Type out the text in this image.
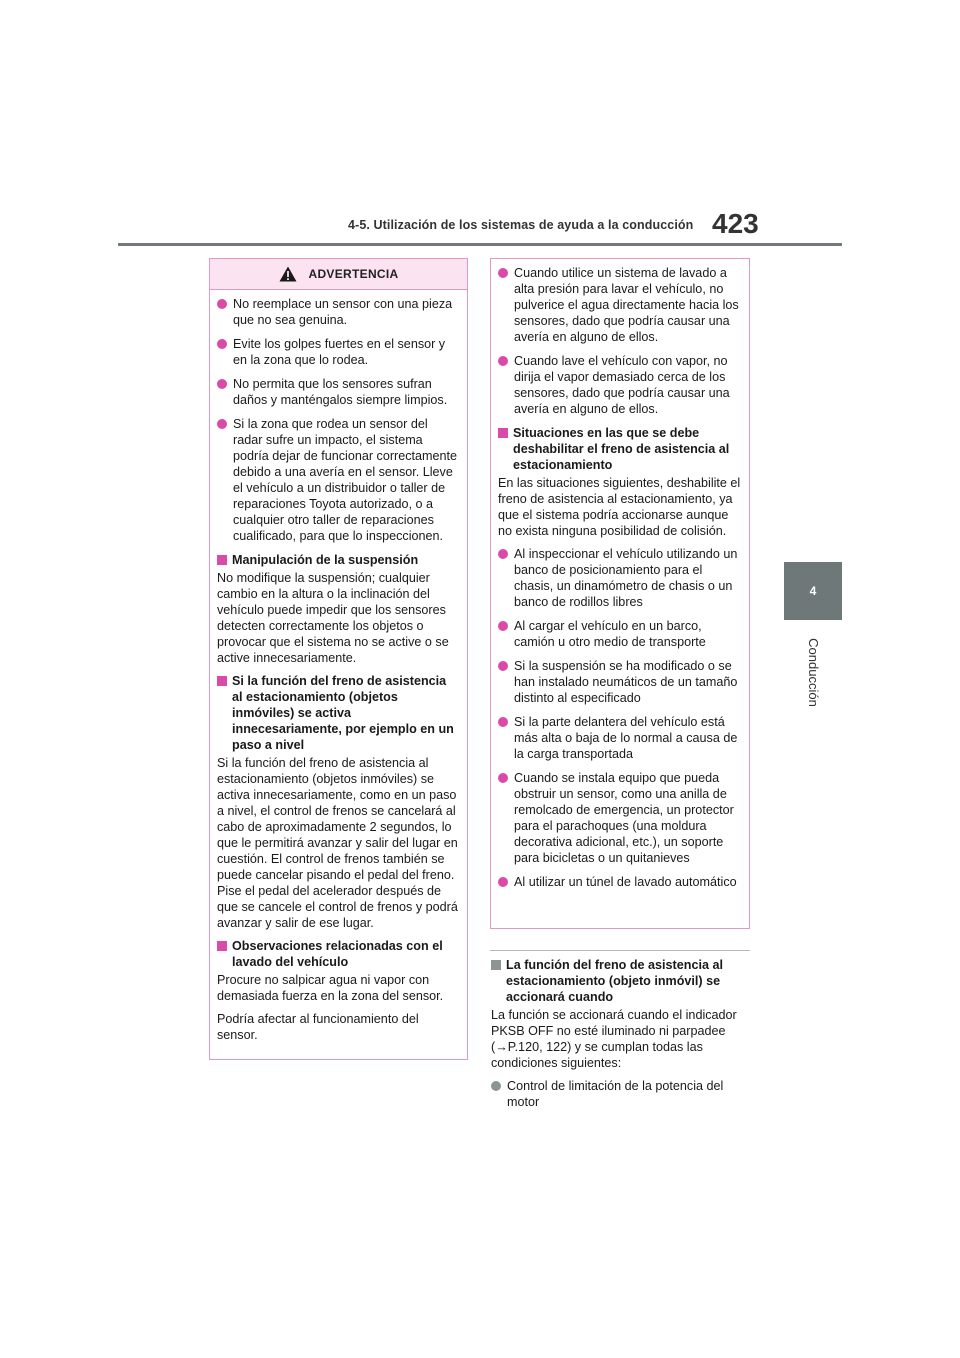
4-5. Utilización de los sistemas de ayuda a la conducción 423
4
Conducción
ADVERTENCIA
No reemplace un sensor con una pieza que no sea genuina.
Evite los golpes fuertes en el sensor y en la zona que lo rodea.
No permita que los sensores sufran daños y manténgalos siempre limpios.
Si la zona que rodea un sensor del radar sufre un impacto, el sistema podría dejar de funcionar correctamente debido a una avería en el sensor. Lleve el vehículo a un distribuidor o taller de reparaciones Toyota autorizado, o a cualquier otro taller de reparaciones cualificado, para que lo inspeccionen.
Manipulación de la suspensión
No modifique la suspensión; cualquier cambio en la altura o la inclinación del vehículo puede impedir que los sensores detecten correctamente los objetos o provocar que el sistema no se active o se active innecesariamente.
Si la función del freno de asistencia al estacionamiento (objetos inmóviles) se activa innecesariamente, por ejemplo en un paso a nivel
Si la función del freno de asistencia al estacionamiento (objetos inmóviles) se activa innecesariamente, como en un paso a nivel, el control de frenos se cancelará al cabo de aproximadamente 2 segundos, lo que le permitirá avanzar y salir del lugar en cuestión. El control de frenos también se puede cancelar pisando el pedal del freno. Pise el pedal del acelerador después de que se cancele el control de frenos y podrá avanzar y salir de ese lugar.
Observaciones relacionadas con el lavado del vehículo
Procure no salpicar agua ni vapor con demasiada fuerza en la zona del sensor.
Podría afectar al funcionamiento del sensor.
Cuando utilice un sistema de lavado a alta presión para lavar el vehículo, no pulverice el agua directamente hacia los sensores, dado que podría causar una avería en alguno de ellos.
Cuando lave el vehículo con vapor, no dirija el vapor demasiado cerca de los sensores, dado que podría causar una avería en alguno de ellos.
Situaciones en las que se debe deshabilitar el freno de asistencia al estacionamiento
En las situaciones siguientes, deshabilite el freno de asistencia al estacionamiento, ya que el sistema podría accionarse aunque no exista ninguna posibilidad de colisión.
Al inspeccionar el vehículo utilizando un banco de posicionamiento para el chasis, un dinamómetro de chasis o un banco de rodillos libres
Al cargar el vehículo en un barco, camión u otro medio de transporte
Si la suspensión se ha modificado o se han instalado neumáticos de un tamaño distinto al especificado
Si la parte delantera del vehículo está más alta o baja de lo normal a causa de la carga transportada
Cuando se instala equipo que pueda obstruir un sensor, como una anilla de remolcado de emergencia, un protector para el parachoques (una moldura decorativa adicional, etc.), un soporte para bicicletas o un quitanieves
Al utilizar un túnel de lavado automático
La función del freno de asistencia al estacionamiento (objeto inmóvil) se accionará cuando
La función se accionará cuando el indicador PKSB OFF no esté iluminado ni parpadee (→P.120, 122) y se cumplan todas las condiciones siguientes:
Control de limitación de la potencia del motor
